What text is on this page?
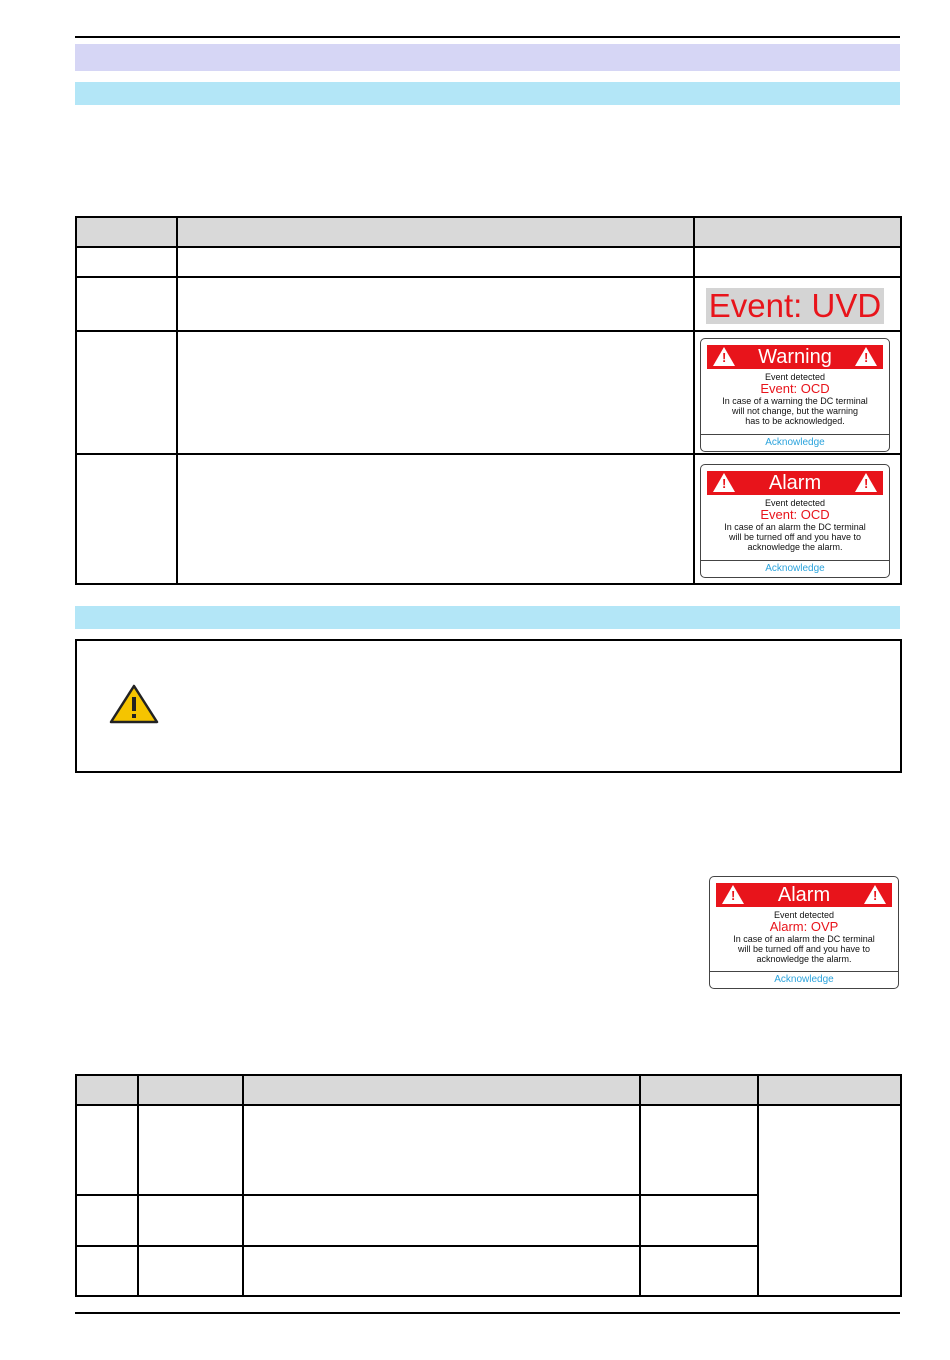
Event: UVD
! Warning !
Event detected
Event: OCD
In case of a warning the DC terminal
will not change, but the warning
has to be acknowledged.
Acknowledge
! Alarm	!
Event detected
Event: OCD
In case of an alarm the DC terminal
will be turned off and you have to
acknowledge the alarm.
Acknowledge
! Alarm	!
Event detected
Alarm: OVP
In case of an alarm the DC terminal
will be turned off and you have to
acknowledge the alarm.
Acknowledge
